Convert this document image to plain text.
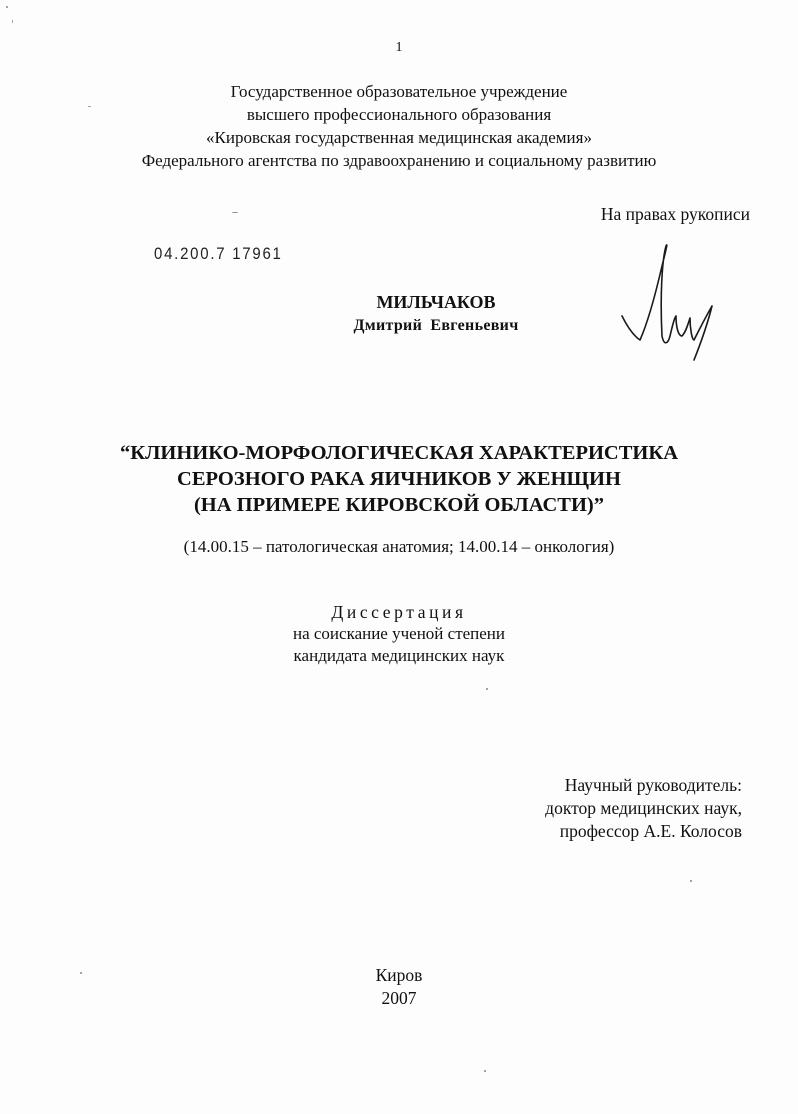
1
Государственное образовательное учреждение
высшего профессионального образования
«Кировская государственная медицинская академия»
Федерального агентства по здравоохранению и социальному развитию
На правах рукописи
04.200.7 17961
МИЛЬЧАКОВ
Дмитрий Евгеньевич
“КЛИНИКО-МОРФОЛОГИЧЕСКАЯ ХАРАКТЕРИСТИКА
СЕРОЗНОГО РАКА ЯИЧНИКОВ У ЖЕНЩИН
(НА ПРИМЕРЕ КИРОВСКОЙ ОБЛАСТИ)”
(14.00.15 – патологическая анатомия; 14.00.14 – онкология)
Диссертация
на соискание ученой степени
кандидата медицинских наук
Научный руководитель:
доктор медицинских наук,
профессор А.Е. Колосов
Киров
2007
